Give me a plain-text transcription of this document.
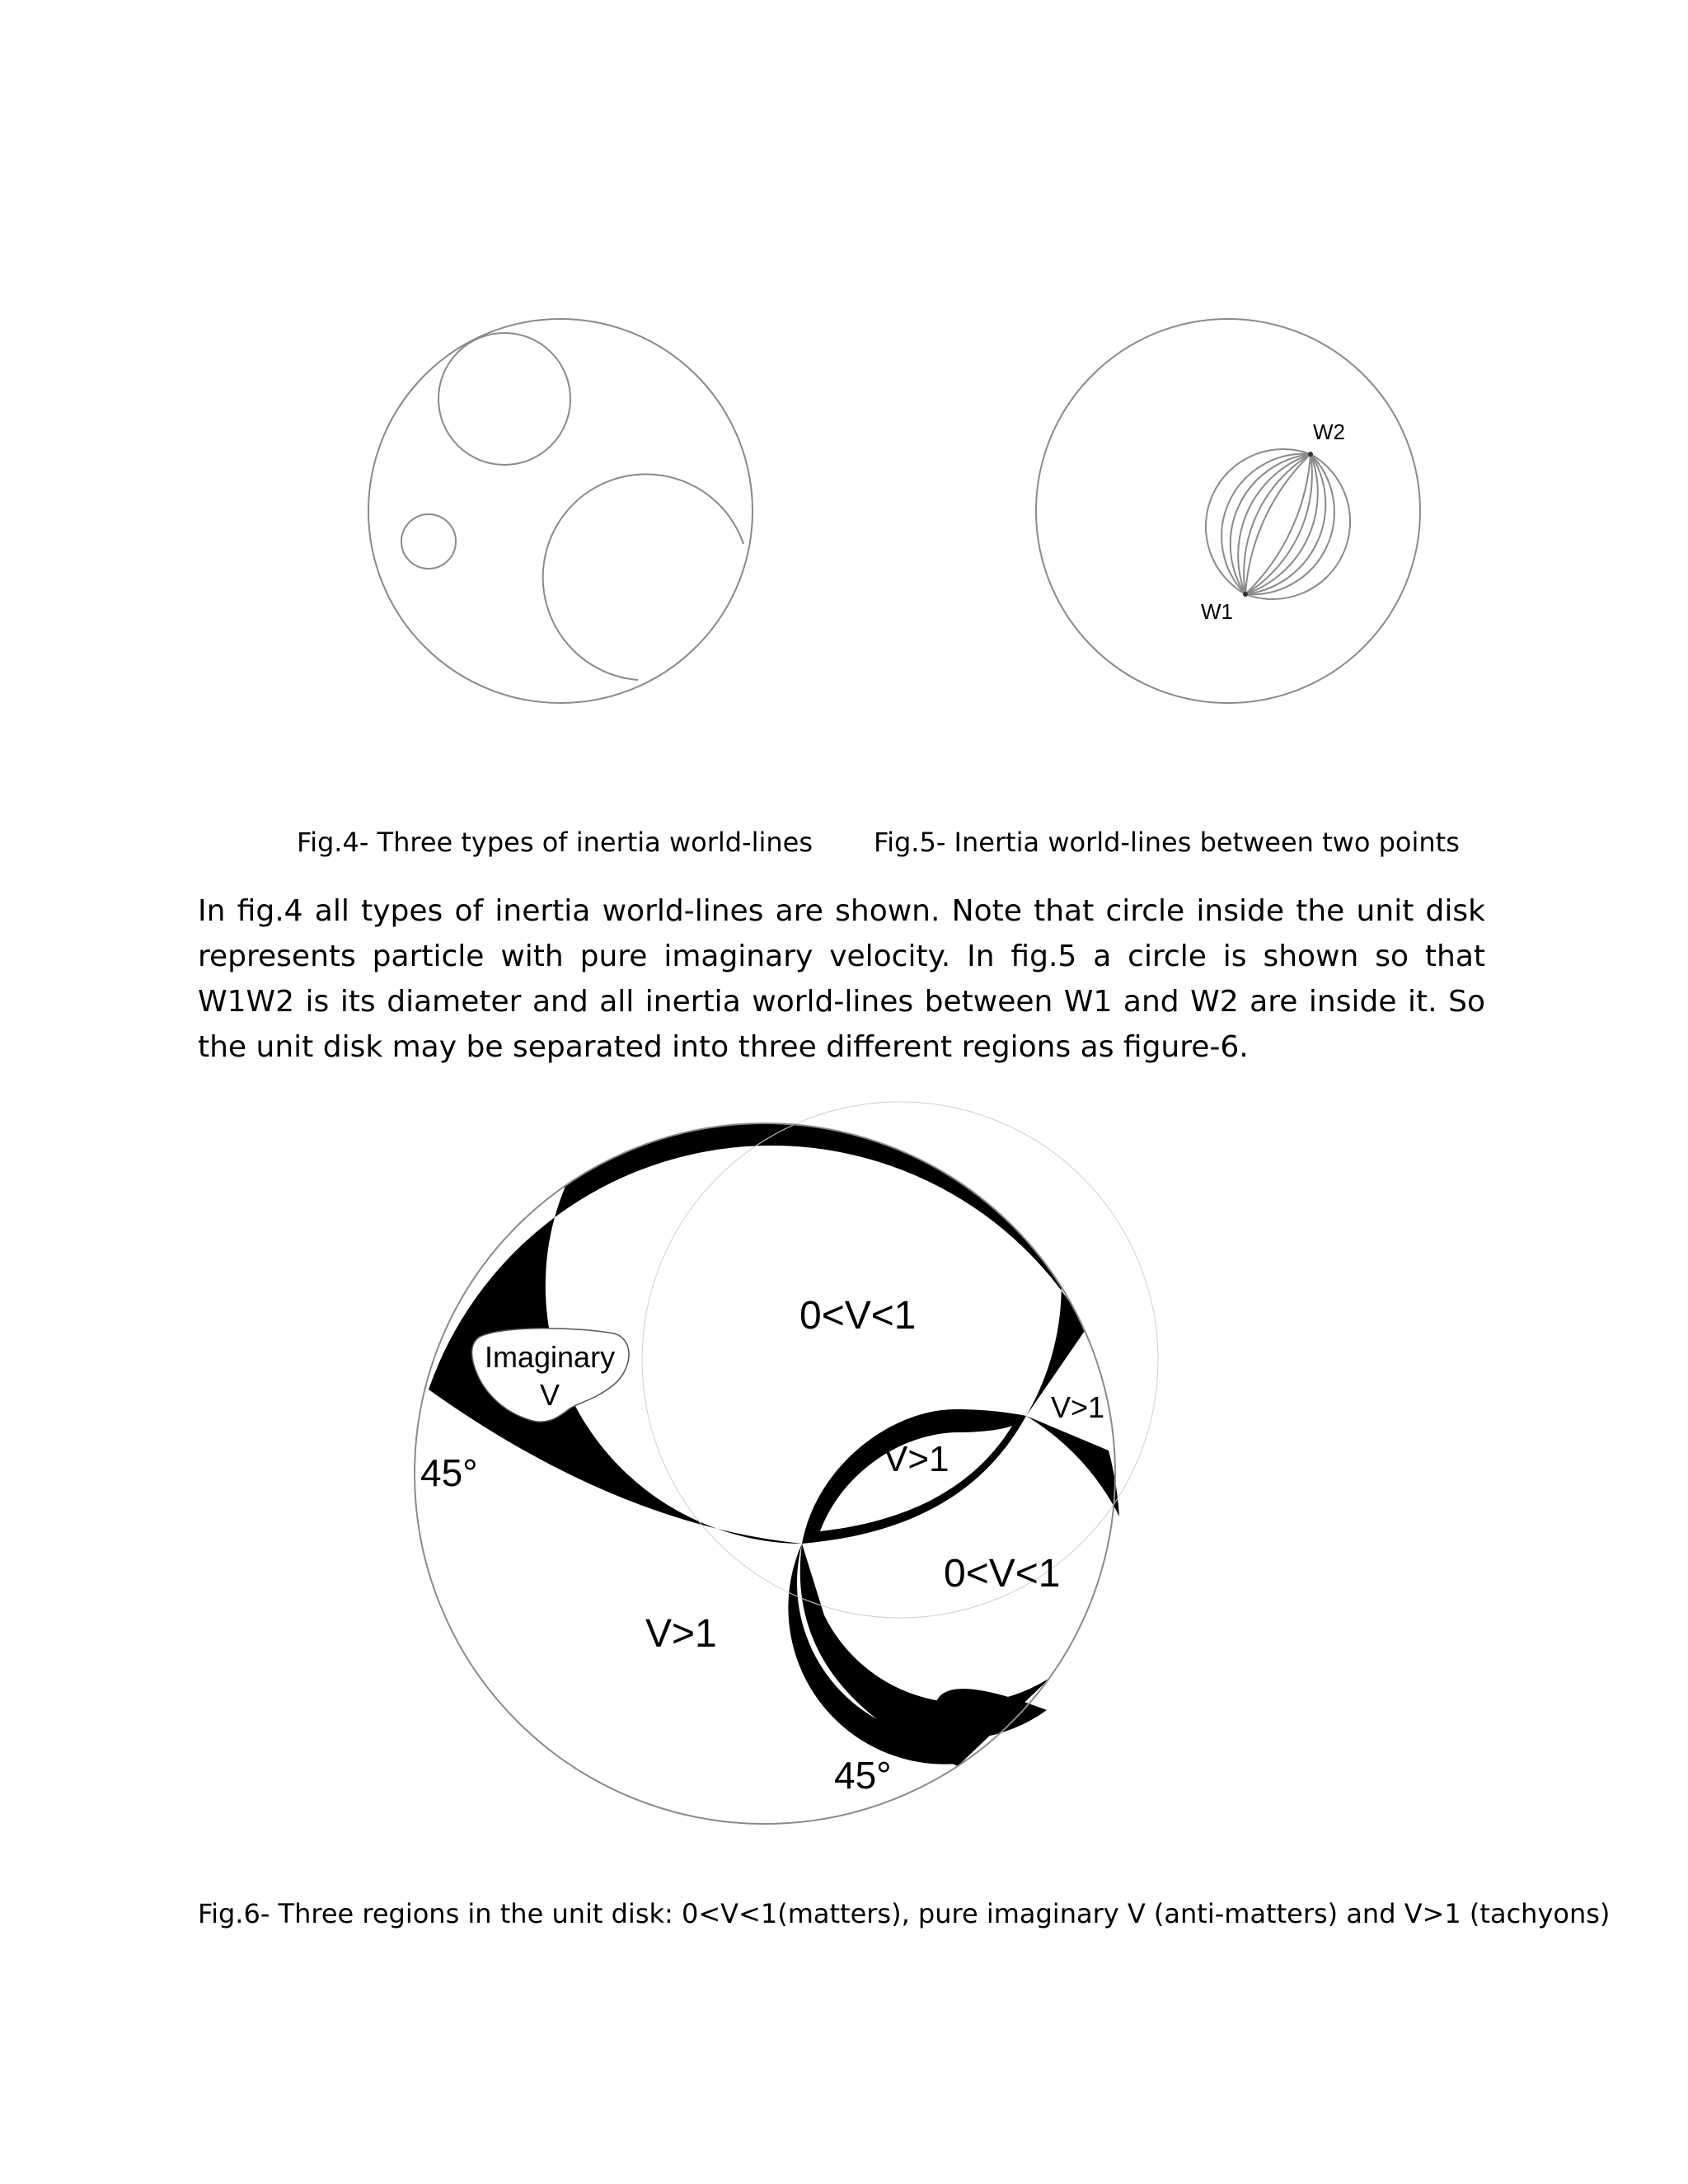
W2
W1
0<V<1
Imaginary
V	V>1
V>1
45°
0<V<1
V>1
45°

Fig.4- Three types of inertia world-lines Fig.5- Inertia world-lines between two points

In fig.4 all types of inertia world-lines are shown. Note that circle inside the unit disk represents particle with pure imaginary velocity. In fig.5 a circle is shown so that W1W2 is its diameter and all inertia world-lines between W1 and W2 are inside it. So the unit disk may be separated into three different regions as figure-6.

Fig.6- Three regions in the unit disk: 0<V<1(matters), pure imaginary V (anti-matters) and V>1 (tachyons)
